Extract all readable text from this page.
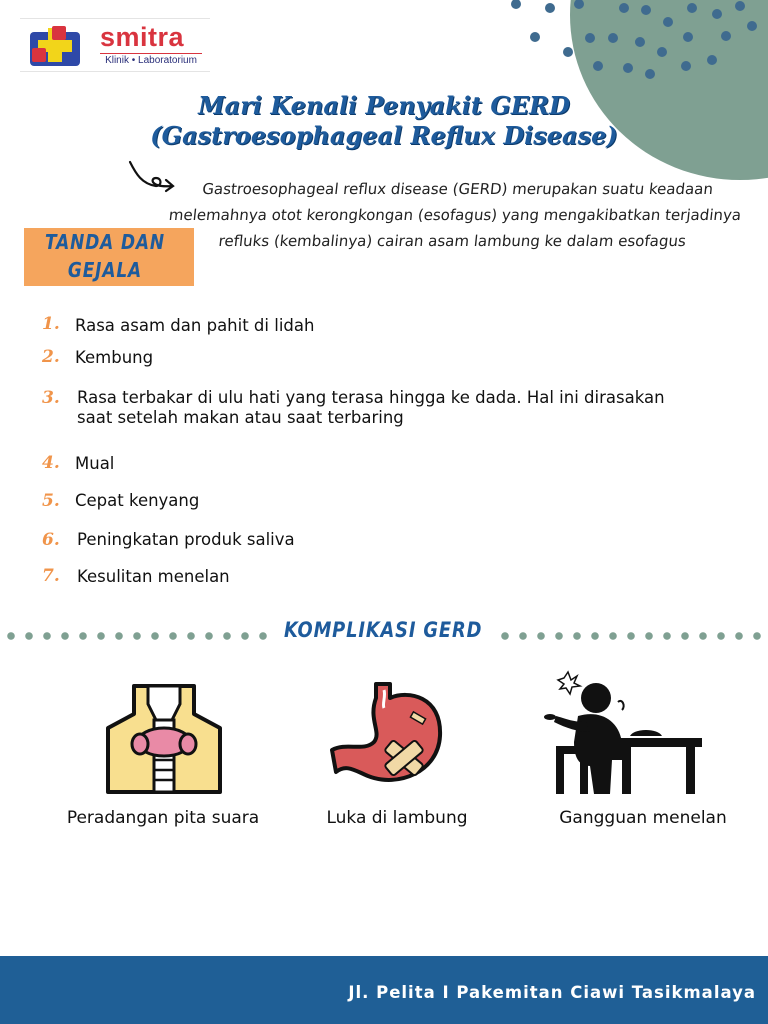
smitra
Klinik • Laboratorium
Mari Kenali Penyakit GERD
(Gastroesophageal Reflux Disease)
Gastroesophageal reflux disease (GERD) merupakan suatu keadaan
melemahnya otot kerongkongan (esofagus) yang mengakibatkan terjadinya
refluks (kembalinya) cairan asam lambung ke dalam esofagus
TANDA DAN
GEJALA
1. Rasa asam dan pahit di lidah
2. Kembung
3. Rasa terbakar di ulu hati yang terasa hingga ke dada. Hal ini dirasakan
saat setelah makan atau saat terbaring
4. Mual
5. Cepat kenyang
6. Peningkatan produk saliva
7. Kesulitan menelan
KOMPLIKASI GERD
Peradangan pita suara	Luka di lambung	Gangguan menelan
Jl. Pelita I Pakemitan Ciawi Tasikmalaya
